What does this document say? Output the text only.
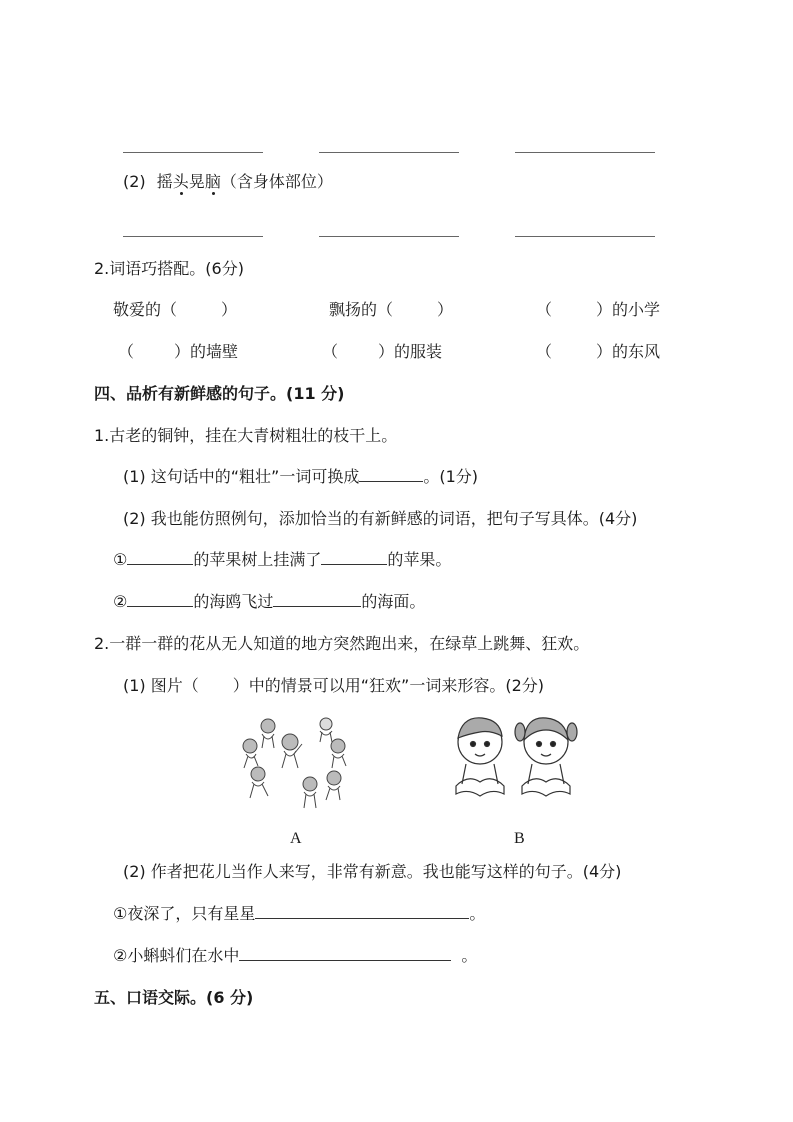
(2) 摇头晃脑（含身体部位）
2.词语巧搭配。(6分)
敬爱的（	）	飘扬的（	）	（	）的小学
（	）的墙壁	（	）的服装	（	）的东风
四、品析有新鲜感的句子。(11 分)
1.古老的铜钟，挂在大青树粗壮的枝干上。
(1) 这句话中的“粗壮”一词可换成	。(1分)
(2) 我也能仿照例句，添加恰当的有新鲜感的词语，把句子写具体。(4分)
①	的苹果树上挂满了	的苹果。
②	的海鸥飞过	的海面。
2.一群一群的花从无人知道的地方突然跑出来，在绿草上跳舞、狂欢。
(1) 图片（ ）中的情景可以用“狂欢”一词来形容。(2分)
A	B
(2) 作者把花儿当作人来写，非常有新意。我也能写这样的句子。(4分)
①夜深了，只有星星	。
②小蝌蚪们在水中	。
五、口语交际。(6 分)
